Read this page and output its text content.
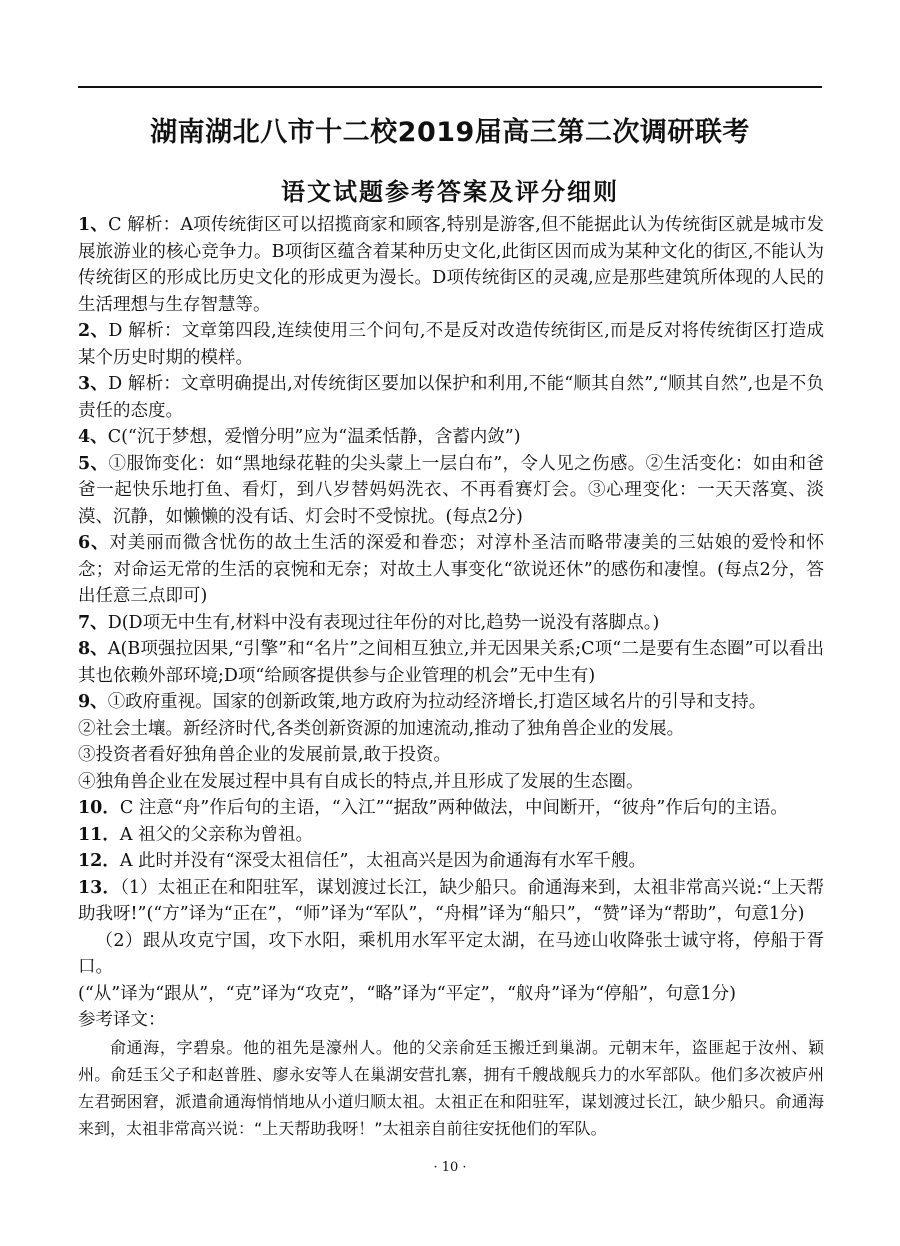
湖南湖北八市十二校2019届高三第二次调研联考
语文试题参考答案及评分细则

1、C 解析：A项传统街区可以招揽商家和顾客,特别是游客,但不能据此认为传统街区就是城市发展旅游业的核心竞争力。B项街区蕴含着某种历史文化,此街区因而成为某种文化的街区,不能认为传统街区的形成比历史文化的形成更为漫长。D项传统街区的灵魂,应是那些建筑所体现的人民的生活理想与生存智慧等。

2、D 解析：文章第四段,连续使用三个问句,不是反对改造传统街区,而是反对将传统街区打造成某个历史时期的模样。

3、D 解析：文章明确提出,对传统街区要加以保护和利用,不能“顺其自然”,“顺其自然”,也是不负责任的态度。

4、C(“沉于梦想，爱憎分明”应为“温柔恬静，含蓄内敛”)

5、①服饰变化：如“黑地绿花鞋的尖头蒙上一层白布”，令人见之伤感。②生活变化：如由和爸爸一起快乐地打鱼、看灯，到八岁替妈妈洗衣、不再看赛灯会。③心理变化：一天天落寞、淡漠、沉静，如懒懒的没有话、灯会时不受惊扰。(每点2分)

6、对美丽而微含忧伤的故土生活的深爱和眷恋；对淳朴圣洁而略带凄美的三姑娘的爱怜和怀念；对命运无常的生活的哀惋和无奈；对故土人事变化“欲说还休”的感伤和凄惶。(每点2分，答出任意三点即可)

7、D(D项无中生有,材料中没有表现过往年份的对比,趋势一说没有落脚点。)

8、A(B项强拉因果,“引擎”和“名片”之间相互独立,并无因果关系;C项“二是要有生态圈”可以看出其也依赖外部环境;D项“给顾客提供参与企业管理的机会”无中生有)

9、①政府重视。国家的创新政策,地方政府为拉动经济增长,打造区域名片的引导和支持。

②社会土壤。新经济时代,各类创新资源的加速流动,推动了独角兽企业的发展。

③投资者看好独角兽企业的发展前景,敢于投资。

④独角兽企业在发展过程中具有自成长的特点,并且形成了发展的生态圈。

10．C 注意“舟”作后句的主语，“入江”“据敌”两种做法，中间断开，“彼舟”作后句的主语。

11．A 祖父的父亲称为曾祖。

12．A 此时并没有“深受太祖信任”，太祖高兴是因为俞通海有水军千艘。

13．（1）太祖正在和阳驻军，谋划渡过长江，缺少船只。俞通海来到，太祖非常高兴说:“上天帮助我呀!”(“方”译为“正在”，“师”译为“军队”，“舟楫”译为“船只”，“赞”译为“帮助”，句意1分)

（2）跟从攻克宁国，攻下水阳，乘机用水军平定太湖，在马迹山收降张士诚守将，停船于胥口。

(“从”译为“跟从”，“克”译为“攻克”，“略”译为“平定”，“舣舟”译为“停船”，句意1分)

参考译文：

俞通海，字碧泉。他的祖先是濠州人。他的父亲俞廷玉搬迁到巢湖。元朝末年，盗匪起于汝州、颖州。俞廷玉父子和赵普胜、廖永安等人在巢湖安营扎寨，拥有千艘战舰兵力的水军部队。他们多次被庐州左君弼困窘，派遣俞通海悄悄地从小道归顺太祖。太祖正在和阳驻军，谋划渡过长江，缺少船只。俞通海来到，太祖非常高兴说：“上天帮助我呀！”太祖亲自前往安抚他们的军队。

· 10 ·
